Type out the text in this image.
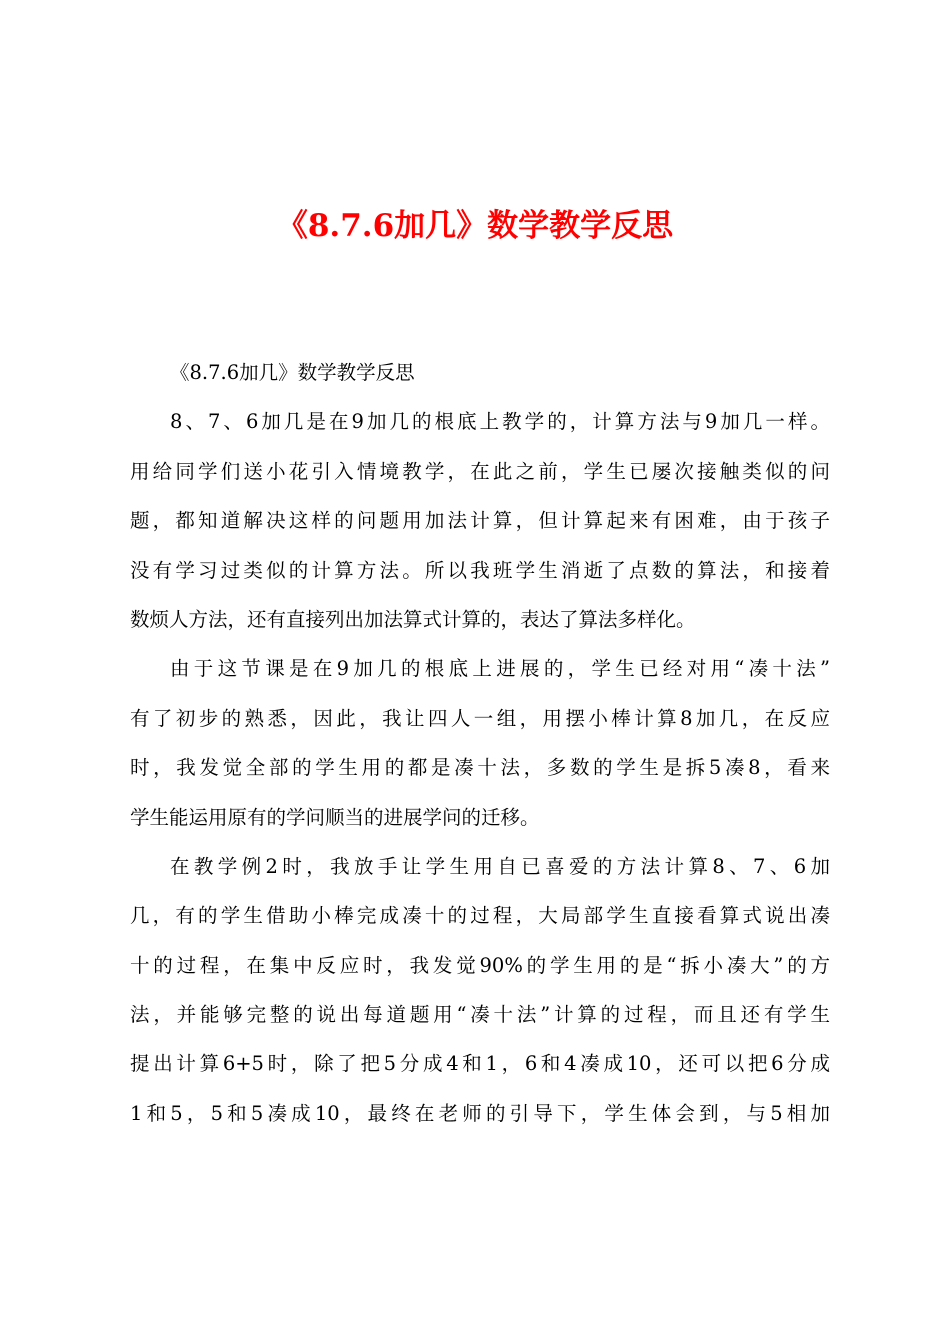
《8.7.6加几》数学教学反思
《8.7.6加几》数学教学反思
8、7、6加几是在9加几的根底上教学的，计算方法与9加几一样。
用给同学们送小花引入情境教学，在此之前，学生已屡次接触类似的问
题，都知道解决这样的问题用加法计算，但计算起来有困难，由于孩子
没有学习过类似的计算方法。所以我班学生消逝了点数的算法，和接着
数烦人方法，还有直接列出加法算式计算的，表达了算法多样化。
由于这节课是在9加几的根底上进展的，学生已经对用“凑十法”
有了初步的熟悉，因此，我让四人一组，用摆小棒计算8加几，在反应
时，我发觉全部的学生用的都是凑十法，多数的学生是拆5凑8，看来
学生能运用原有的学问顺当的进展学问的迁移。
在教学例2时，我放手让学生用自已喜爱的方法计算8、7、6加
几，有的学生借助小棒完成凑十的过程，大局部学生直接看算式说出凑
十的过程，在集中反应时，我发觉90%的学生用的是“拆小凑大”的方
法，并能够完整的说出每道题用“凑十法”计算的过程，而且还有学生
提出计算6+5时，除了把5分成4和1，6和4凑成10，还可以把6分成
1和5，5和5凑成10，最终在老师的引导下，学生体会到，与5相加
